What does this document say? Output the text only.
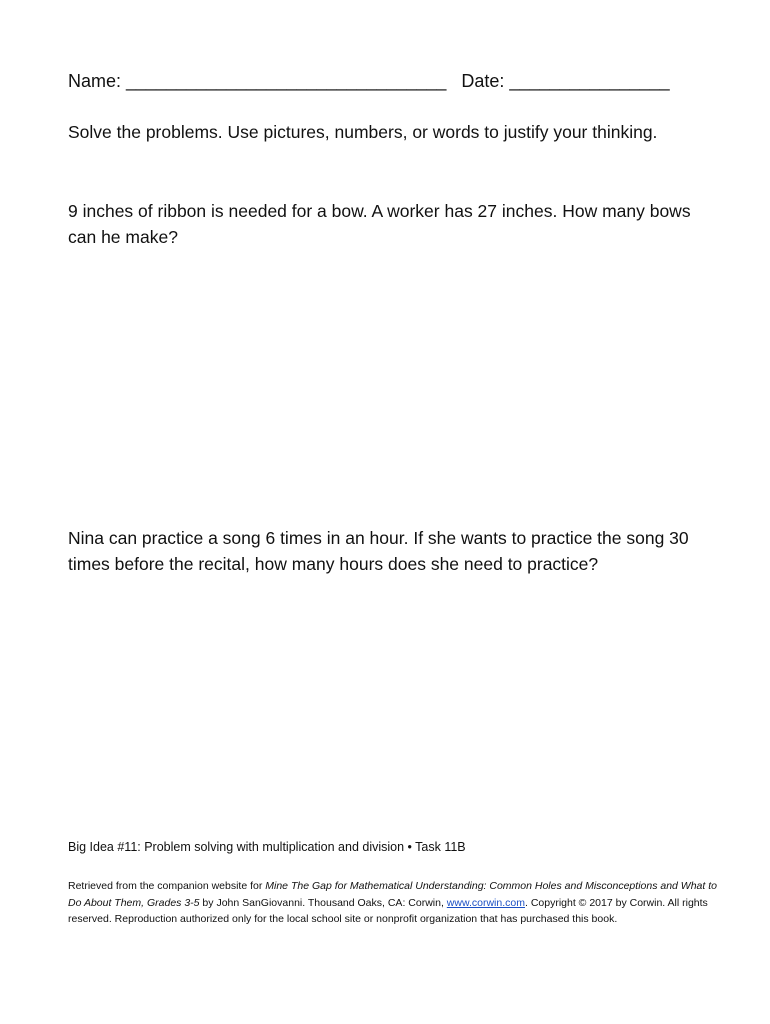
Name: ________________________________ Date: ________________
Solve the problems. Use pictures, numbers, or words to justify your thinking.
9 inches of ribbon is needed for a bow. A worker has 27 inches. How many bows can he make?
Nina can practice a song 6 times in an hour. If she wants to practice the song 30 times before the recital, how many hours does she need to practice?
Big Idea #11: Problem solving with multiplication and division • Task 11B
Retrieved from the companion website for Mine The Gap for Mathematical Understanding: Common Holes and Misconceptions and What to Do About Them, Grades 3-5 by John SanGiovanni. Thousand Oaks, CA: Corwin, www.corwin.com. Copyright © 2017 by Corwin. All rights reserved. Reproduction authorized only for the local school site or nonprofit organization that has purchased this book.
